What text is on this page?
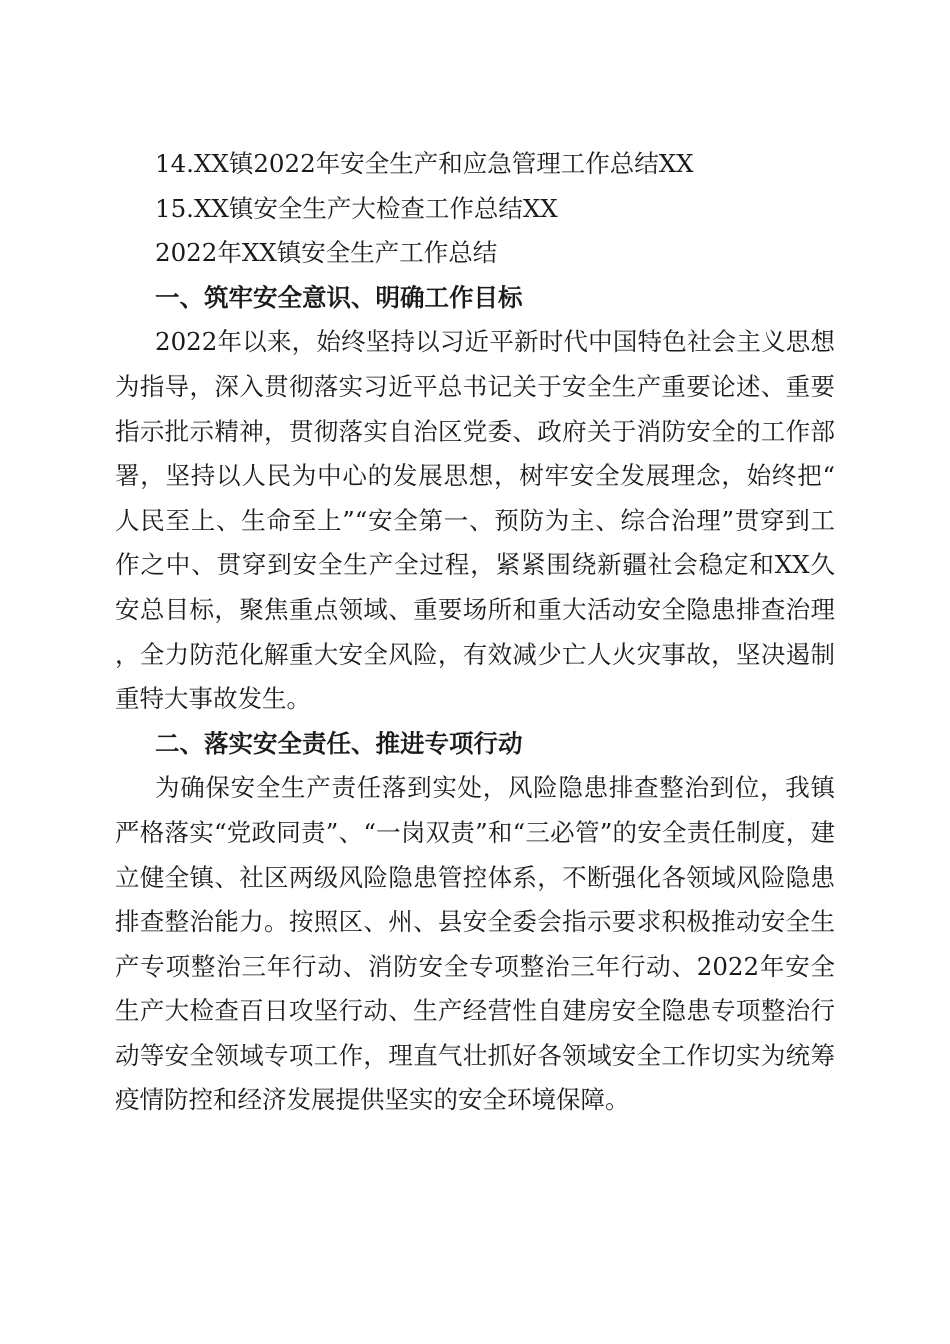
14.XX镇2022年安全生产和应急管理工作总结XX

15.XX镇安全生产大检查工作总结XX

2022年XX镇安全生产工作总结

一、筑牢安全意识、明确工作目标

2022年以来，始终坚持以习近平新时代中国特色社会主义思想为指导，深入贯彻落实习近平总书记关于安全生产重要论述、重要指示批示精神，贯彻落实自治区党委、政府关于消防安全的工作部署，坚持以人民为中心的发展思想，树牢安全发展理念，始终把“人民至上、生命至上”“安全第一、预防为主、综合治理”贯穿到工作之中、贯穿到安全生产全过程，紧紧围绕新疆社会稳定和XX久安总目标，聚焦重点领域、重要场所和重大活动安全隐患排查治理，全力防范化解重大安全风险，有效减少亡人火灾事故，坚决遏制重特大事故发生。

二、落实安全责任、推进专项行动

为确保安全生产责任落到实处，风险隐患排查整治到位，我镇严格落实“党政同责”、“一岗双责”和“三必管”的安全责任制度，建立健全镇、社区两级风险隐患管控体系，不断强化各领域风险隐患排查整治能力。按照区、州、县安全委会指示要求积极推动安全生产专项整治三年行动、消防安全专项整治三年行动、2022年安全生产大检查百日攻坚行动、生产经营性自建房安全隐患专项整治行动等安全领域专项工作，理直气壮抓好各领域安全工作切实为统筹疫情防控和经济发展提供坚实的安全环境保障。
